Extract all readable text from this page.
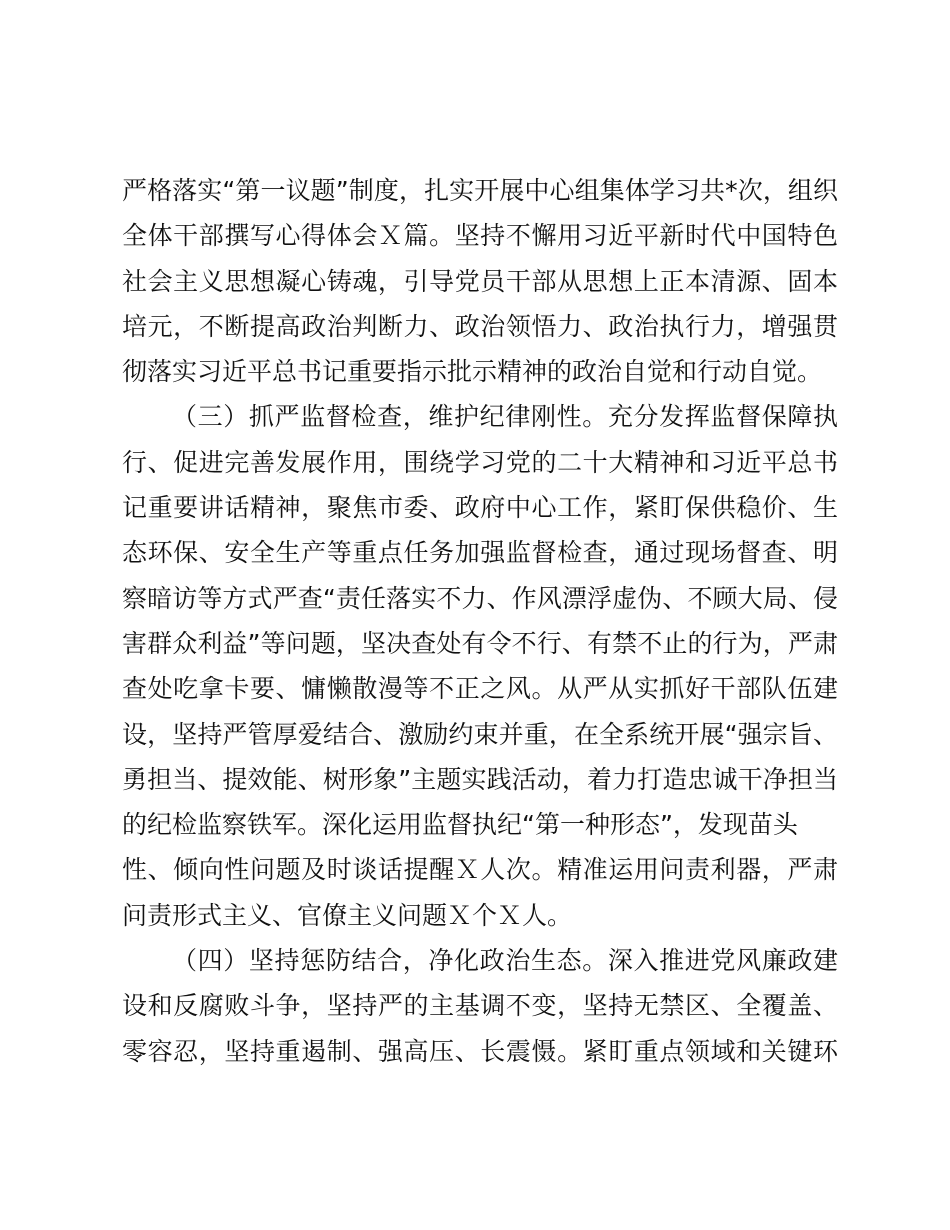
严格落实“第一议题”制度，扎实开展中心组集体学习共*次，组织
全体干部撰写心得体会Ｘ篇。坚持不懈用习近平新时代中国特色
社会主义思想凝心铸魂，引导党员干部从思想上正本清源、固本
培元，不断提高政治判断力、政治领悟力、政治执行力，增强贯
彻落实习近平总书记重要指示批示精神的政治自觉和行动自觉。
（三）抓严监督检查，维护纪律刚性。充分发挥监督保障执
行、促进完善发展作用，围绕学习党的二十大精神和习近平总书
记重要讲话精神，聚焦市委、政府中心工作，紧盯保供稳价、生
态环保、安全生产等重点任务加强监督检查，通过现场督查、明
察暗访等方式严查“责任落实不力、作风漂浮虚伪、不顾大局、侵
害群众利益”等问题，坚决查处有令不行、有禁不止的行为，严肃
查处吃拿卡要、慵懒散漫等不正之风。从严从实抓好干部队伍建
设，坚持严管厚爱结合、激励约束并重，在全系统开展“强宗旨、
勇担当、提效能、树形象”主题实践活动，着力打造忠诚干净担当
的纪检监察铁军。深化运用监督执纪“第一种形态”，发现苗头
性、倾向性问题及时谈话提醒Ｘ人次。精准运用问责利器，严肃
问责形式主义、官僚主义问题Ｘ个Ｘ人。
（四）坚持惩防结合，净化政治生态。深入推进党风廉政建
设和反腐败斗争，坚持严的主基调不变，坚持无禁区、全覆盖、
零容忍，坚持重遏制、强高压、长震慑。紧盯重点领域和关键环
